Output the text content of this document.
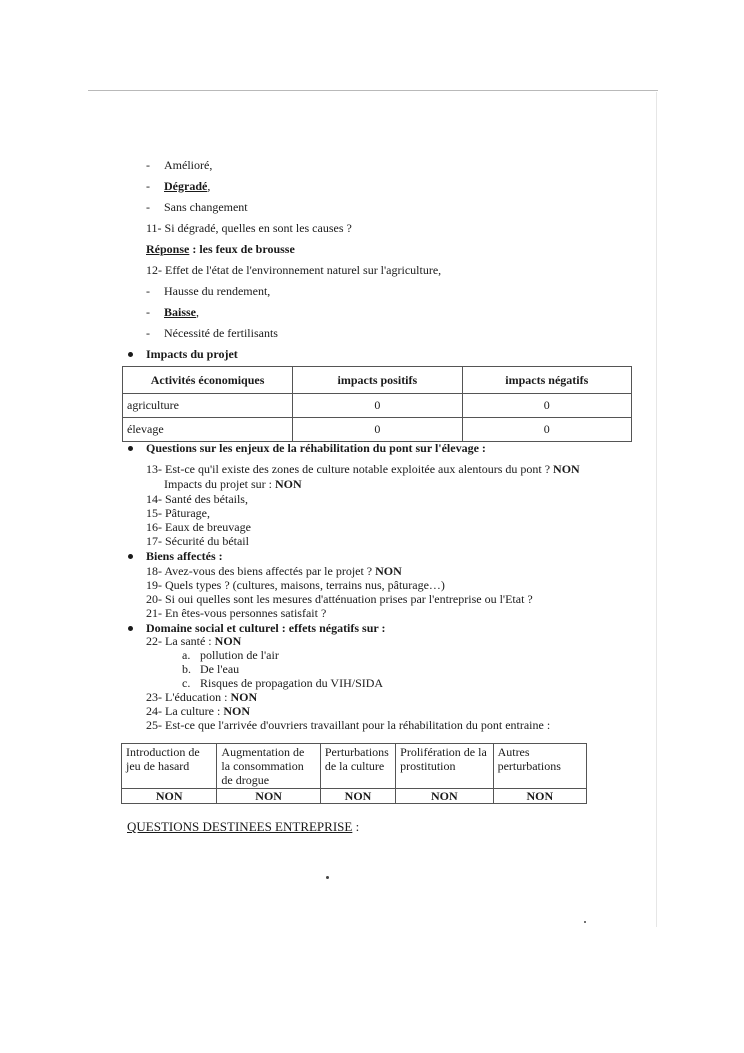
- Amélioré,
- Dégradé,
- Sans changement
11- Si dégradé, quelles en sont les causes ?
Réponse : les feux de brousse
12- Effet de l'état de l'environnement naturel sur l'agriculture,
- Hausse du rendement,
- Baisse,
- Nécessité de fertilisants
Impacts du projet
Activités économiques	impacts positifs	impacts négatifs
agriculture	0	0
élevage	0	0
Questions sur les enjeux de la réhabilitation du pont sur l'élevage :
13- Est-ce qu'il existe des zones de culture notable exploitée aux alentours du pont ? NON
Impacts du projet sur : NON
14- Santé des bétails,
15- Pâturage,
16- Eaux de breuvage
17- Sécurité du bétail
Biens affectés :
18- Avez-vous des biens affectés par le projet ? NON
19- Quels types ? (cultures, maisons, terrains nus, pâturage…)
20- Si oui quelles sont les mesures d'atténuation prises par l'entreprise ou l'Etat ?
21- En êtes-vous personnes satisfait ?
Domaine social et culturel : effets négatifs sur :
22- La santé : NON
a. pollution de l'air
b. De l'eau
c. Risques de propagation du VIH/SIDA
23- L'éducation : NON
24- La culture : NON
25- Est-ce que l'arrivée d'ouvriers travaillant pour la réhabilitation du pont entraine :
Introduction de jeu de hasard	Augmentation de la consommation de drogue	Perturbations de la culture	Prolifération de la prostitution	Autres perturbations
NON	NON	NON	NON	NON
QUESTIONS DESTINEES ENTREPRISE :
